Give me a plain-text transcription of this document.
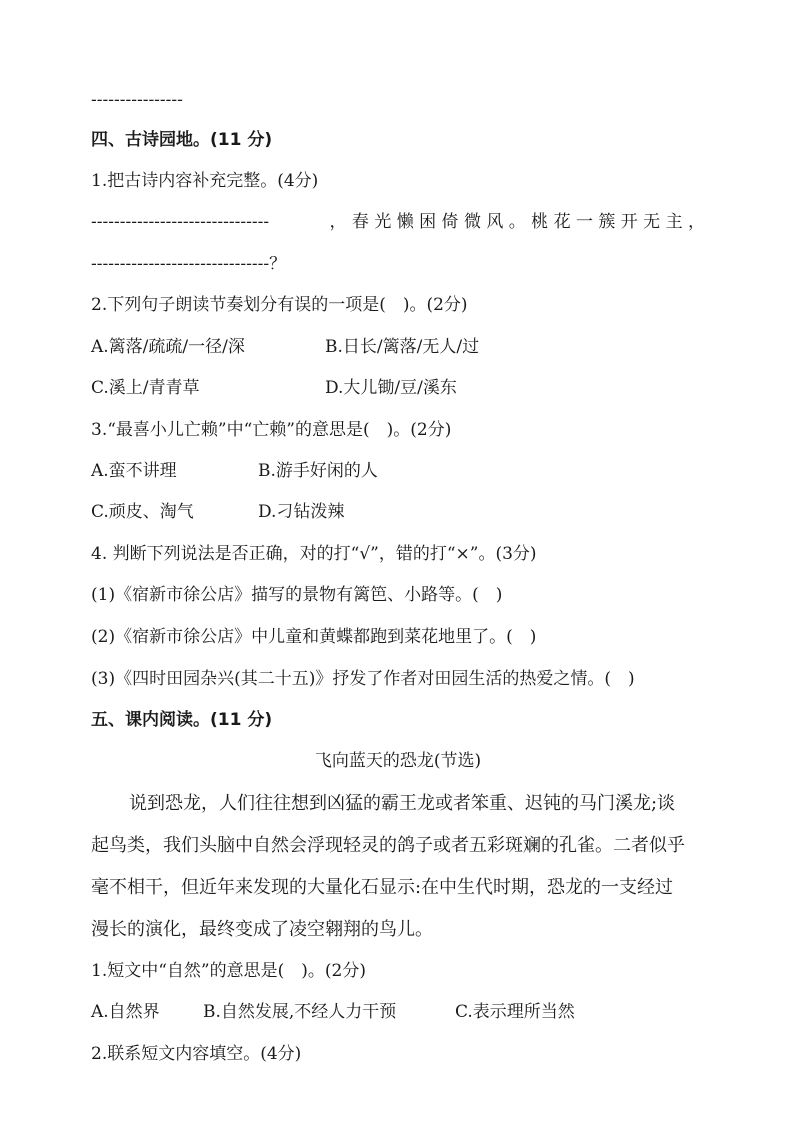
----------------
四、古诗园地。(11 分)
1.把古诗内容补充完整。(4分)
-------------------------------	， 春 光 懒 困 倚 微 风 。 桃 花 一 簇 开 无 主 ，
-------------------------------？
2.下列句子朗读节奏划分有误的一项是(　)。(2分)
A.篱落/疏疏/一径/深	B.日长/篱落/无人/过
C.溪上/青青草	D.大儿锄/豆/溪东
3.“最喜小儿亡赖”中“亡赖”的意思是(　)。(2分)
A.蛮不讲理	B.游手好闲的人
C.顽皮、淘气	D.刁钻泼辣
4. 判断下列说法是否正确，对的打“√”，错的打“×”。(3分)
(1)《宿新市徐公店》描写的景物有篱笆、小路等。(　)
(2)《宿新市徐公店》中儿童和黄蝶都跑到菜花地里了。(　)
(3)《四时田园杂兴(其二十五)》抒发了作者对田园生活的热爱之情。(　)
五、课内阅读。(11 分)
飞向蓝天的恐龙(节选)
说到恐龙，人们往往想到凶猛的霸王龙或者笨重、迟钝的马门溪龙;谈
起鸟类，我们头脑中自然会浮现轻灵的鸽子或者五彩斑斓的孔雀。二者似乎
毫不相干，但近年来发现的大量化石显示:在中生代时期，恐龙的一支经过
漫长的演化，最终变成了凌空翱翔的鸟儿。
1.短文中“自然”的意思是(　)。(2分)
A.自然界	B.自然发展,不经人力干预	C.表示理所当然
2.联系短文内容填空。(4分)
